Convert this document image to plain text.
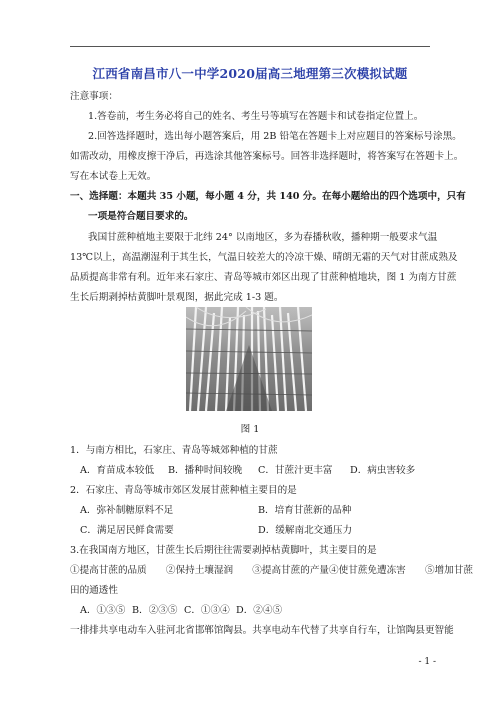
江西省南昌市八一中学2020届高三地理第三次模拟试题
注意事项：
1.答卷前，考生务必将自己的姓名、考生号等填写在答题卡和试卷指定位置上。
2.回答选择题时，选出每小题答案后，用 2B 铅笔在答题卡上对应题目的答案标号涂黑。
如需改动，用橡皮擦干净后，再选涂其他答案标号。回答非选择题时，将答案写在答题卡上。
写在本试卷上无效。
一、选择题：本题共 35 小题，每小题 4 分，共 140 分。在每小题给出的四个选项中，只有
一项是符合题目要求的。
我国甘蔗种植地主要限于北纬 24° 以南地区，多为春播秋收，播种期一般要求气温
13℃以上，高温潮湿利于其生长，气温日较差大的冷凉干燥、晴朗无霜的天气对甘蔗成熟及
品质提高非常有利。近年来石家庄、青岛等城市郊区出现了甘蔗种植地块，图 1 为南方甘蔗
生长后期剥掉枯黄脚叶景观图，据此完成 1-3 题。
图 1
1．与南方相比，石家庄、青岛等城郊种植的甘蔗
A．育苗成本较低 B．播种时间较晚 C．甘蔗汁更丰富 D．病虫害较多
2．石家庄、青岛等城市郊区发展甘蔗种植主要目的是
A．弥补制糖原料不足	B．培育甘蔗新的品种
C．满足居民鲜食需要	D．缓解南北交通压力
3.在我国南方地区，甘蔗生长后期往往需要剥掉枯黄脚叶，其主要目的是
①提高甘蔗的品质　　②保持土壤湿润　　③提高甘蔗的产量④使甘蔗免遭冻害　　⑤增加甘蔗
田的通透性
A．①③⑤ B．②③⑤ C．①③④ D．②④⑤
一排排共享电动车入驻河北省邯郸馆陶县。共享电动车代替了共享自行车，让馆陶县更智能
- 1 -
